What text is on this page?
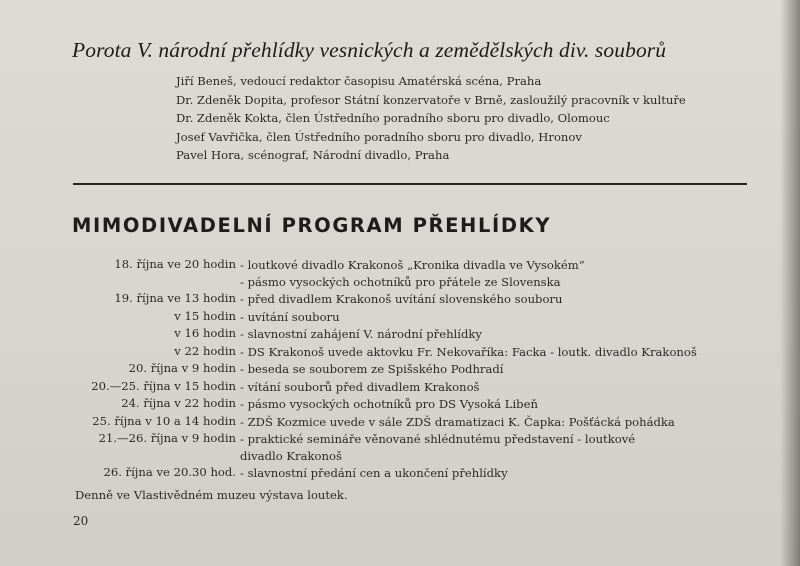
Porota V. národní přehlídky vesnických a zemědělských div. souborů
Jiří Beneš, vedoucí redaktor časopisu Amatérská scéna, Praha
Dr. Zdeněk Dopita, profesor Státní konzervatoře v Brně, zasloužilý pracovník v kultuře
Dr. Zdeněk Kokta, člen Ústředního poradního sboru pro divadlo, Olomouc
Josef Vavřička, člen Ústředního poradního sboru pro divadlo, Hronov
Pavel Hora, scénograf, Národní divadlo, Praha
MIMODIVADELNÍ PROGRAM PŘEHLÍDKY
18. října ve 20 hodin - loutkové divadlo Krakonoš „Kronika divadla ve Vysokém“
- pásmo vysockých ochotníků pro přátele ze Slovenska
19. října ve 13 hodin - před divadlem Krakonoš uvítání slovenského souboru
v 15 hodin - uvítání souboru
v 16 hodin - slavnostní zahájení V. národní přehlídky
v 22 hodin - DS Krakonoš uvede aktovku Fr. Nekovaříka: Facka - loutk. divadlo Krakonoš
20. října v 9 hodin - beseda se souborem ze Spišského Podhradí
20.—25. října v 15 hodin - vítání souborů před divadlem Krakonoš
24. října v 22 hodin - pásmo vysockých ochotníků pro DS Vysoká Libeň
25. října v 10 a 14 hodin - ZDŠ Kozmice uvede v sále ZDŠ dramatizaci K. Čapka: Pošťácká pohádka
21.—26. října v 9 hodin - praktické semináře věnované shlédnutému představení - loutkové
divadlo Krakonoš
26. října ve 20.30 hod. - slavnostní předání cen a ukončení přehlídky
Denně ve Vlastivědném muzeu výstava loutek.
20
